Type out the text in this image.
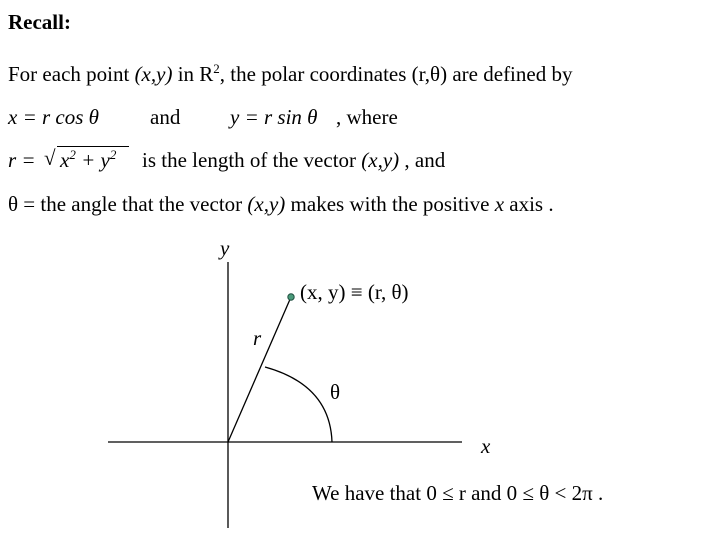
Recall:
For each point (x,y) in $R^2$, the polar coordinates (r,θ) are defined by
x = r cos θ and y = r sin θ , where
r = √ $x^2 + y^2$ is the length of the vector (x,y) , and
θ = the angle that the vector (x,y) makes with the positive x axis .
y
x
r
θ
(x, y) ≡ (r, θ)
We have that 0 ≤ r and 0 ≤ θ < 2π .
